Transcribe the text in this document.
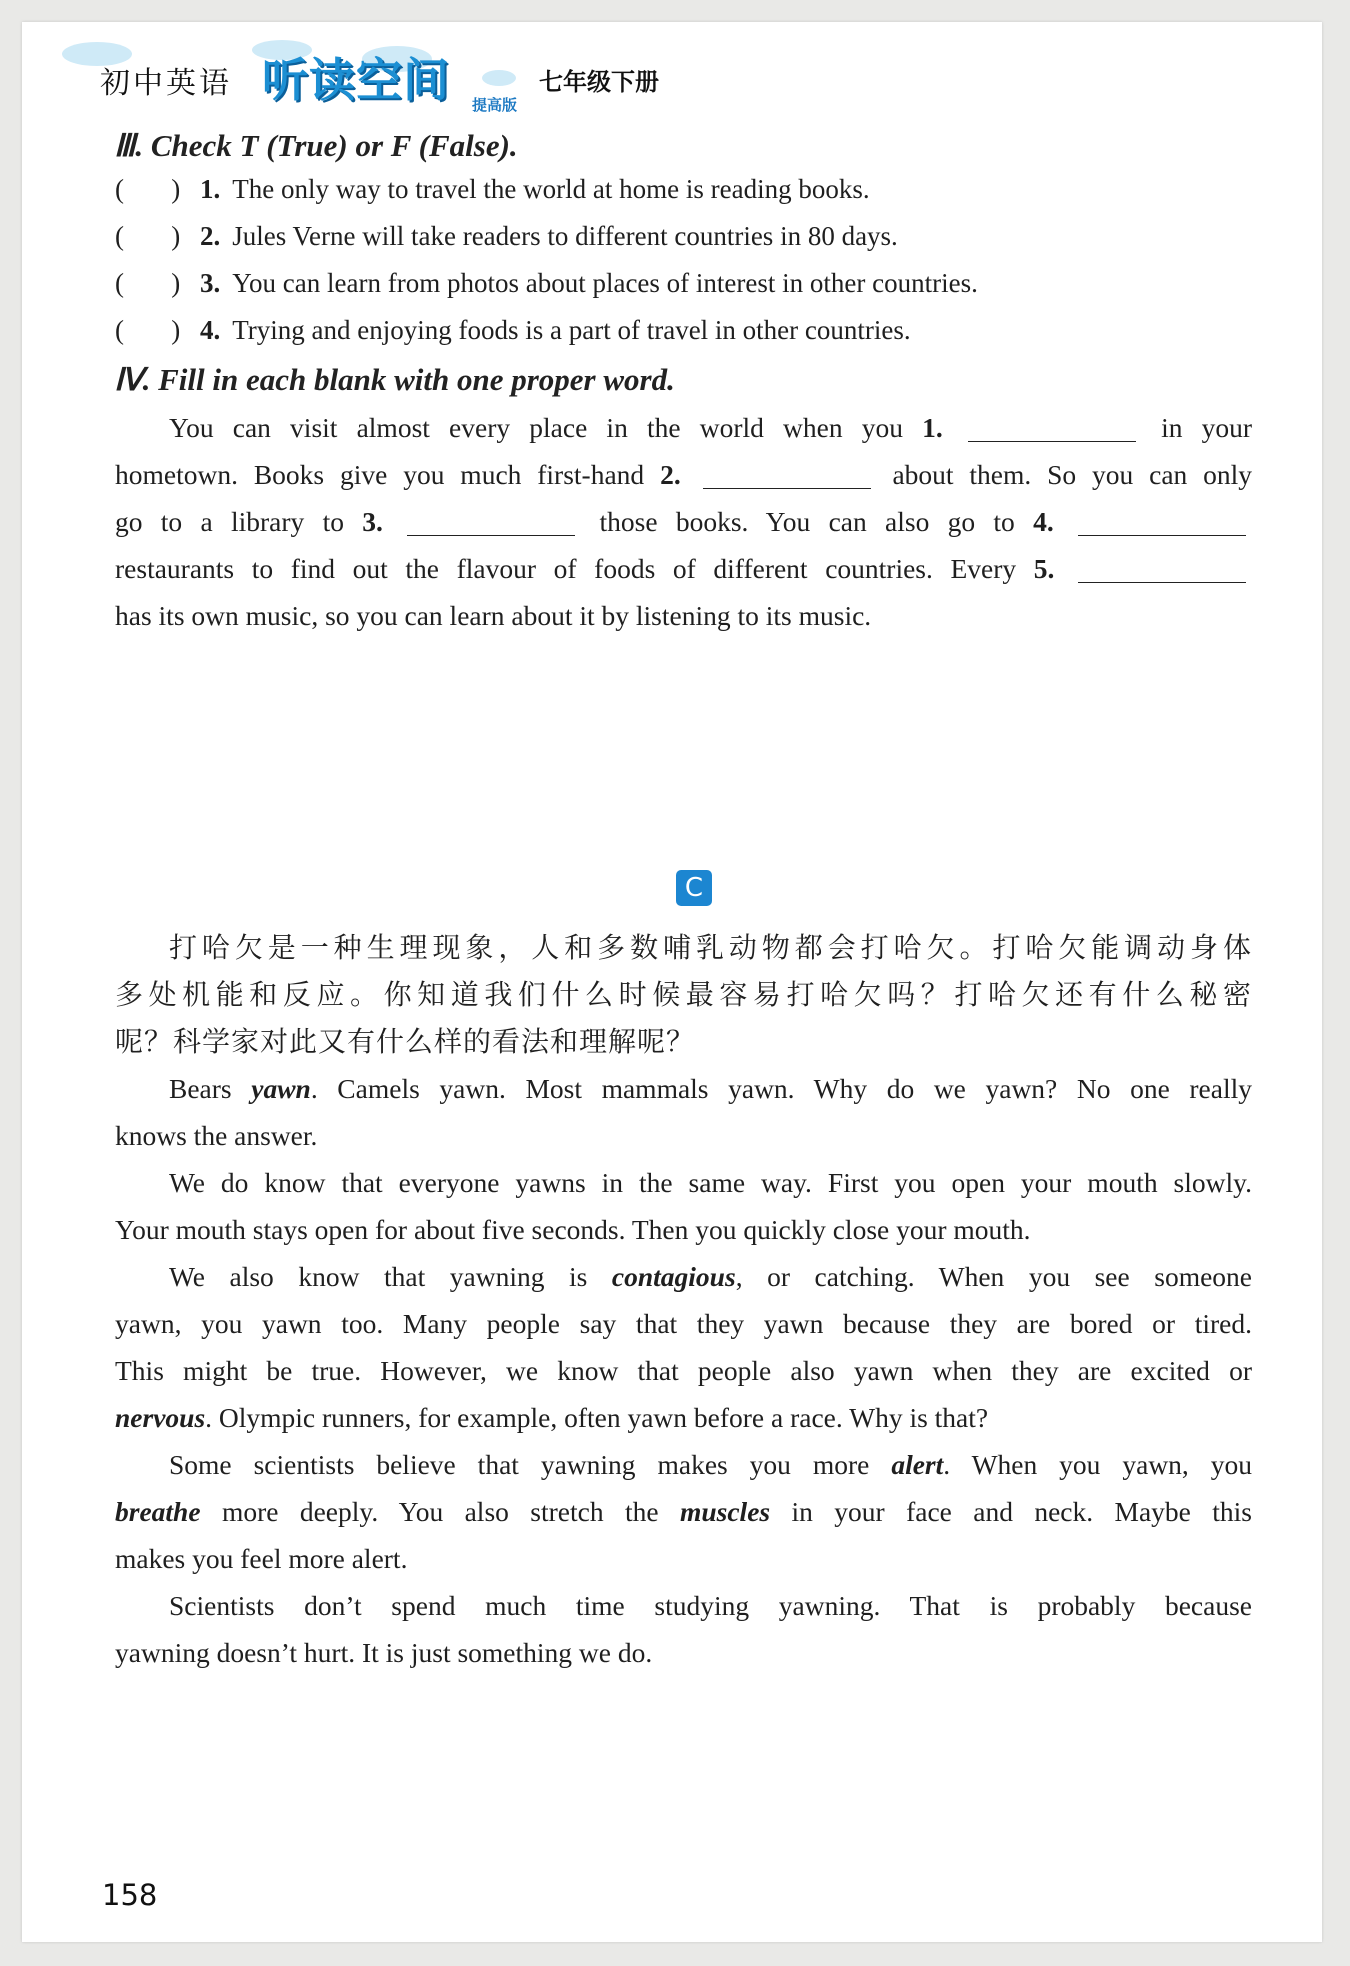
初中英语 听读空间 提高版
七年级下册
Ⅲ. Check T (True) or F (False).
(       ) 1. The only way to travel the world at home is reading books.
(       ) 2. Jules Verne will take readers to different countries in 80 days.
(       ) 3. You can learn from photos about places of interest in other countries.
(       ) 4. Trying and enjoying foods is a part of travel in other countries.
Ⅳ. Fill in each blank with one proper word.
You can visit almost every place in the world when you 1.	in your
hometown. Books give you much first-hand 2.	about them. So you can only
go to a library to 3.	those books. You can also go to 4.
restaurants to find out the flavour of foods of different countries. Every 5.
has its own music, so you can learn about it by listening to its music.
C
打哈欠是一种生理现象，人和多数哺乳动物都会打哈欠。打哈欠能调动身体
多处机能和反应。你知道我们什么时候最容易打哈欠吗？打哈欠还有什么秘密
呢？科学家对此又有什么样的看法和理解呢？
Bears yawn. Camels yawn. Most mammals yawn. Why do we yawn? No one really
knows the answer.
We do know that everyone yawns in the same way. First you open your mouth slowly.
Your mouth stays open for about five seconds. Then you quickly close your mouth.
We also know that yawning is contagious, or catching. When you see someone
yawn, you yawn too. Many people say that they yawn because they are bored or tired.
This might be true. However, we know that people also yawn when they are excited or
nervous. Olympic runners, for example, often yawn before a race. Why is that?
Some scientists believe that yawning makes you more alert. When you yawn, you
breathe more deeply. You also stretch the muscles in your face and neck. Maybe this
makes you feel more alert.
Scientists don’t spend much time studying yawning. That is probably because
yawning doesn’t hurt. It is just something we do.
158
